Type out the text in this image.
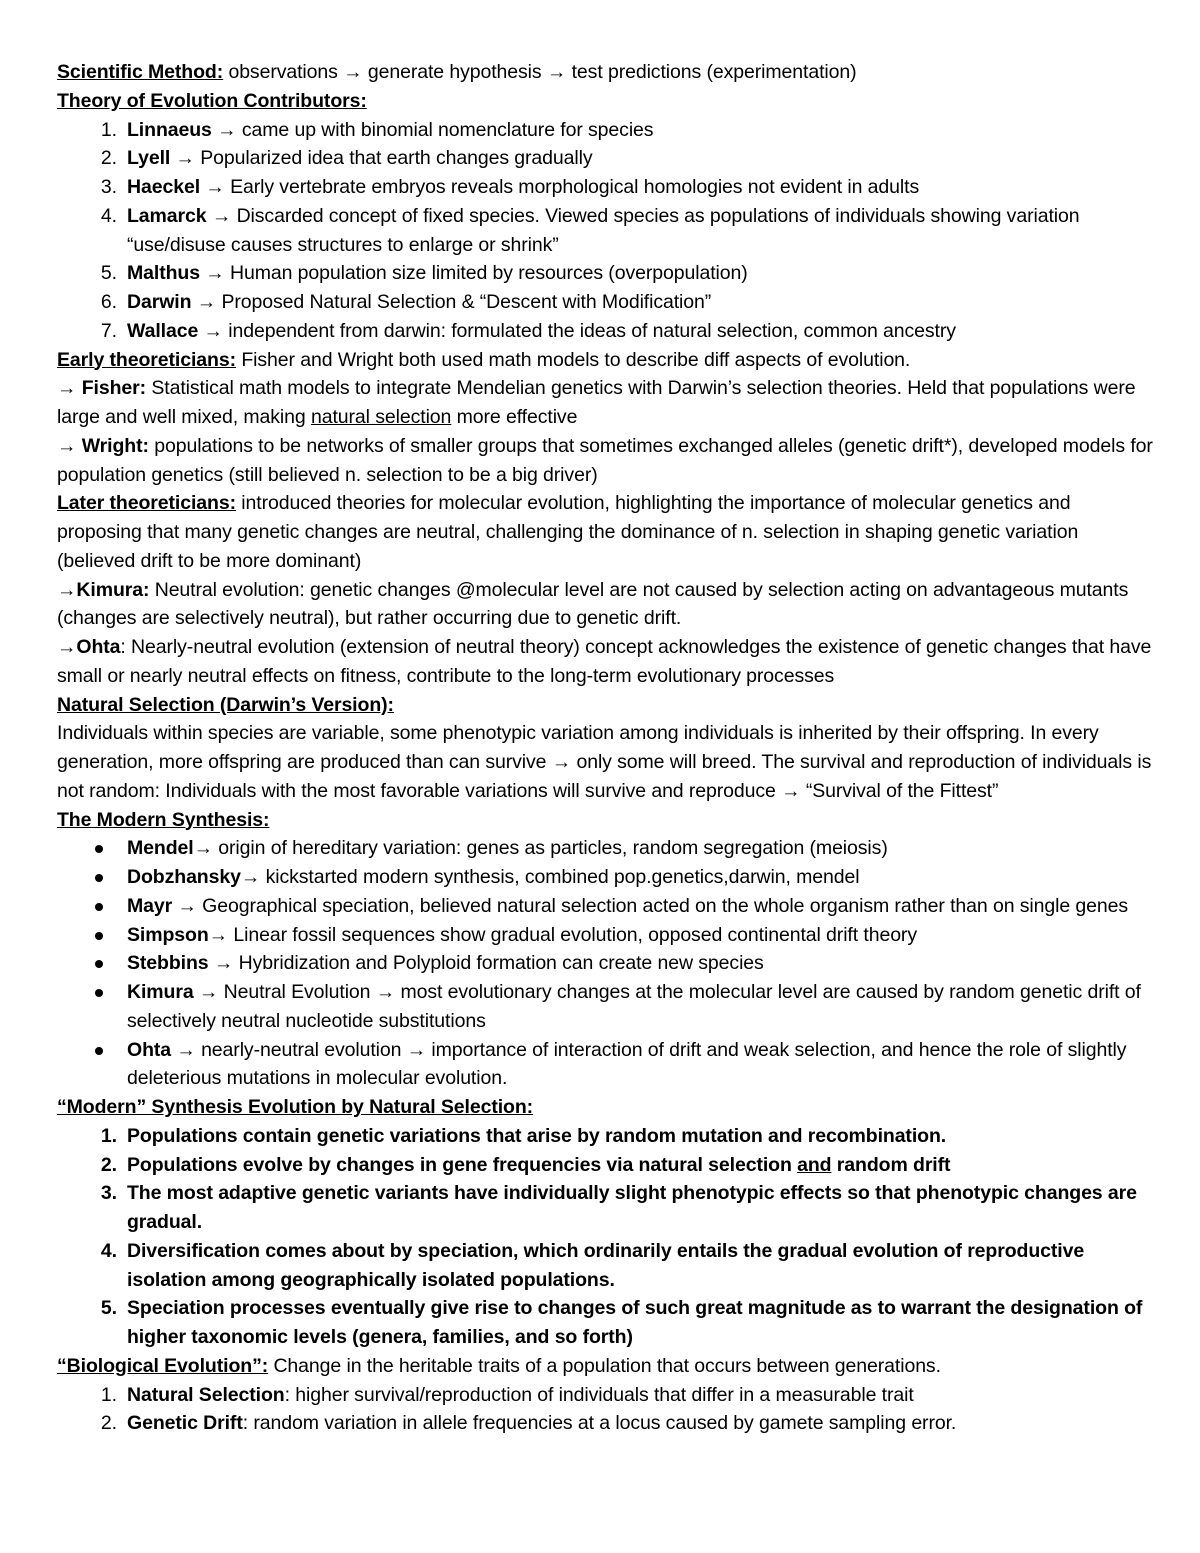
Scientific Method: observations → generate hypothesis → test predictions (experimentation)

Theory of Evolution Contributors:

1. Linnaeus → came up with binomial nomenclature for species
2. Lyell → Popularized idea that earth changes gradually
3. Haeckel → Early vertebrate embryos reveals morphological homologies not evident in adults
4. Lamarck → Discarded concept of fixed species. Viewed species as populations of individuals showing variation “use/disuse causes structures to enlarge or shrink”
5. Malthus → Human population size limited by resources (overpopulation)
6. Darwin → Proposed Natural Selection & “Descent with Modification”
7. Wallace → independent from darwin: formulated the ideas of natural selection, common ancestry

Early theoreticians: Fisher and Wright both used math models to describe diff aspects of evolution.

→ Fisher: Statistical math models to integrate Mendelian genetics with Darwin’s selection theories. Held that populations were large and well mixed, making natural selection more effective

→ Wright: populations to be networks of smaller groups that sometimes exchanged alleles (genetic drift*), developed models for population genetics (still believed n. selection to be a big driver)

Later theoreticians: introduced theories for molecular evolution, highlighting the importance of molecular genetics and proposing that many genetic changes are neutral, challenging the dominance of n. selection in shaping genetic variation (believed drift to be more dominant)

→Kimura: Neutral evolution: genetic changes @molecular level are not caused by selection acting on advantageous mutants (changes are selectively neutral), but rather occurring due to genetic drift.

→Ohta: Nearly-neutral evolution (extension of neutral theory) concept acknowledges the existence of genetic changes that have small or nearly neutral effects on fitness, contribute to the long-term evolutionary processes

Natural Selection (Darwin’s Version):

Individuals within species are variable, some phenotypic variation among individuals is inherited by their offspring. In every generation, more offspring are produced than can survive → only some will breed. The survival and reproduction of individuals is not random: Individuals with the most favorable variations will survive and reproduce → “Survival of the Fittest”

The Modern Synthesis:

Mendel→ origin of hereditary variation: genes as particles, random segregation (meiosis)
Dobzhansky→ kickstarted modern synthesis, combined pop.genetics,darwin, mendel
Mayr → Geographical speciation, believed natural selection acted on the whole organism rather than on single genes
Simpson→ Linear fossil sequences show gradual evolution, opposed continental drift theory
Stebbins → Hybridization and Polyploid formation can create new species
Kimura → Neutral Evolution → most evolutionary changes at the molecular level are caused by random genetic drift of selectively neutral nucleotide substitutions
Ohta → nearly-neutral evolution → importance of interaction of drift and weak selection, and hence the role of slightly deleterious mutations in molecular evolution.

“Modern” Synthesis Evolution by Natural Selection:

1. Populations contain genetic variations that arise by random mutation and recombination.
2. Populations evolve by changes in gene frequencies via natural selection and random drift
3. The most adaptive genetic variants have individually slight phenotypic effects so that phenotypic changes are gradual.
4. Diversification comes about by speciation, which ordinarily entails the gradual evolution of reproductive isolation among geographically isolated populations.
5. Speciation processes eventually give rise to changes of such great magnitude as to warrant the designation of higher taxonomic levels (genera, families, and so forth)

“Biological Evolution”: Change in the heritable traits of a population that occurs between generations.

1. Natural Selection: higher survival/reproduction of individuals that differ in a measurable trait
2. Genetic Drift: random variation in allele frequencies at a locus caused by gamete sampling error.
